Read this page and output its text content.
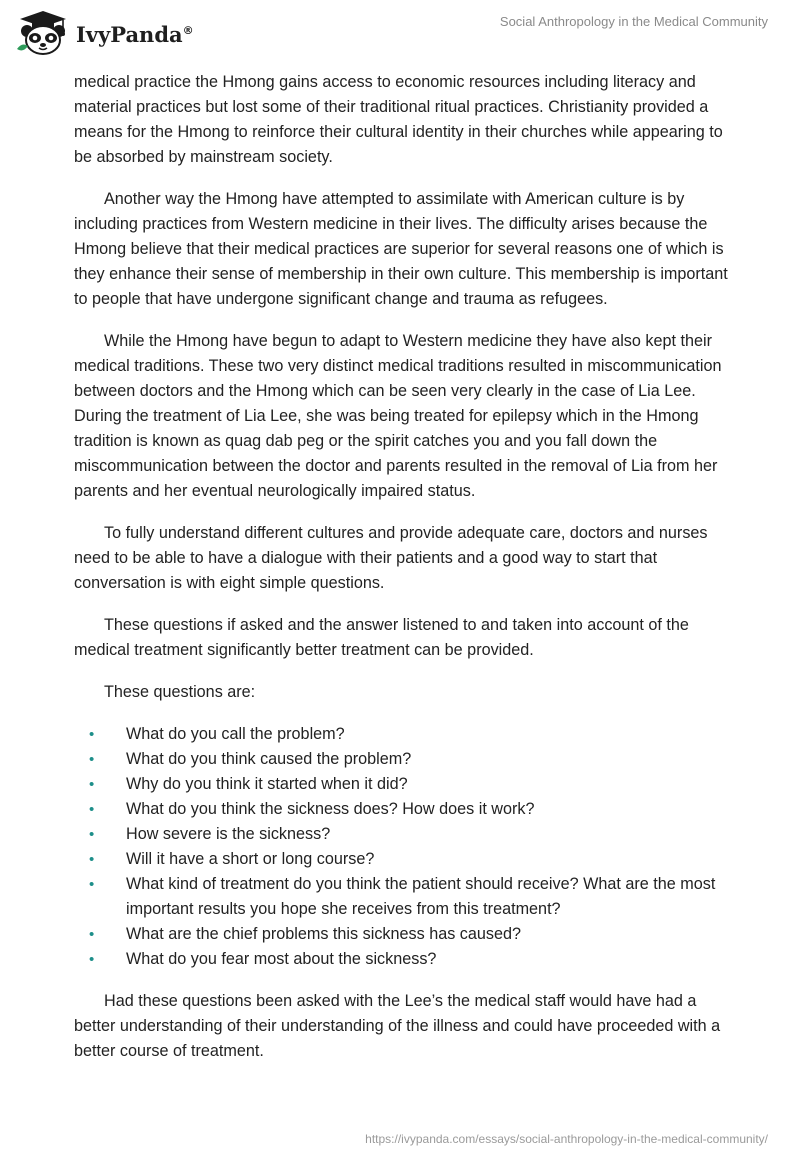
IvyPanda®
Social Anthropology in the Medical Community

medical practice the Hmong gains access to economic resources including literacy and material practices but lost some of their traditional ritual practices. Christianity provided a means for the Hmong to reinforce their cultural identity in their churches while appearing to be absorbed by mainstream society.

Another way the Hmong have attempted to assimilate with American culture is by including practices from Western medicine in their lives. The difficulty arises because the Hmong believe that their medical practices are superior for several reasons one of which is they enhance their sense of membership in their own culture. This membership is important to people that have undergone significant change and trauma as refugees.

While the Hmong have begun to adapt to Western medicine they have also kept their medical traditions. These two very distinct medical traditions resulted in miscommunication between doctors and the Hmong which can be seen very clearly in the case of Lia Lee. During the treatment of Lia Lee, she was being treated for epilepsy which in the Hmong tradition is known as quag dab peg or the spirit catches you and you fall down the miscommunication between the doctor and parents resulted in the removal of Lia from her parents and her eventual neurologically impaired status.

To fully understand different cultures and provide adequate care, doctors and nurses need to be able to have a dialogue with their patients and a good way to start that conversation is with eight simple questions.

These questions if asked and the answer listened to and taken into account of the medical treatment significantly better treatment can be provided.

These questions are:

• What do you call the problem?
• What do you think caused the problem?
• Why do you think it started when it did?
• What do you think the sickness does? How does it work?
• How severe is the sickness?
• Will it have a short or long course?
• What kind of treatment do you think the patient should receive? What are the most important results you hope she receives from this treatment?
• What are the chief problems this sickness has caused?
• What do you fear most about the sickness?

Had these questions been asked with the Lee’s the medical staff would have had a better understanding of their understanding of the illness and could have proceeded with a better course of treatment.

https://ivypanda.com/essays/social-anthropology-in-the-medical-community/
